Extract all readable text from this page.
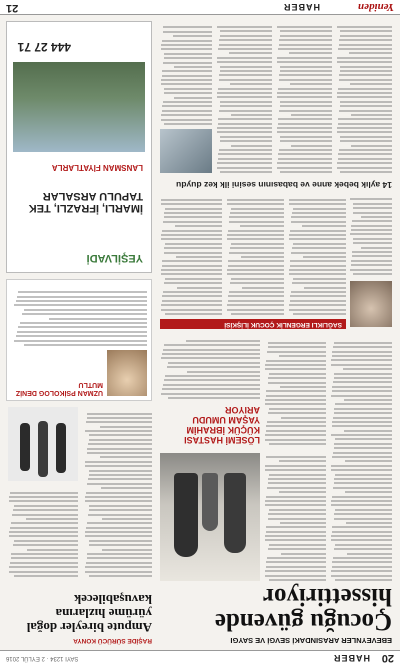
20
HABER
SAYI 1234 · 2 EYLÜL 2016
EBEVEYNLER ARASINDAKİ SEVGİ VE SAYGI
Çocuğu güvende hissettiriyor
LÖSEMİ HASTASI KÜÇÜK İBRAHİM YAŞAM UMUDU ARIYOR
SAĞLIKLI ERGENLİK ÇOCUK İLİŞKİSİ
14 aylık bebek anne ve babasının sesini ilk kez duydu
RAŞİDE SÜRÜCÜ KONYA
Ampute bireyler doğal yürüme hızlarına kavuşabilecek
UZMAN PSİKOLOG DENİZ MUTLU
YEŞİLVADİ
İMARLI, İFRAZLI, TEK TAPULU ARSALAR
LANSMAN FİYATLARLA
444 27 71
Yeniden
HABER
21
